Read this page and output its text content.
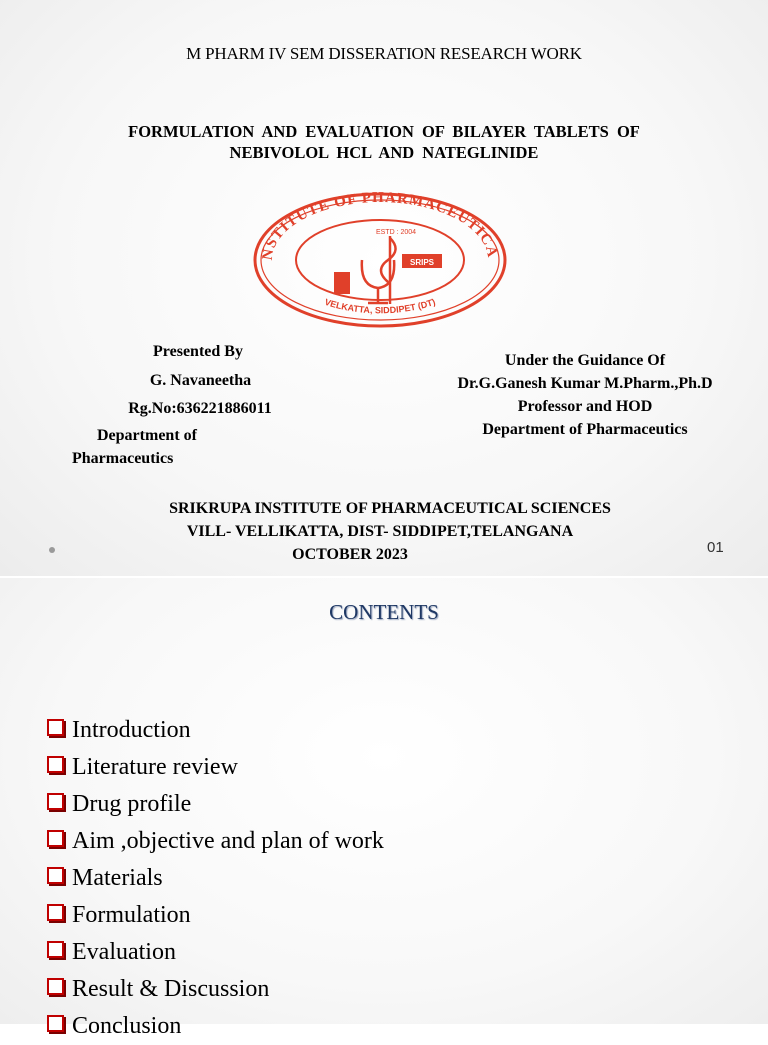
M PHARM IV SEM DISSERATION RESEARCH WORK
FORMULATION AND EVALUATION OF BILAYER TABLETS OF
NEBIVOLOL HCL AND NATEGLINIDE
NSTITUTE OF PHARMACEUTICA
VELKATTA, SIDDIPET (DT)
ESTD : 2004
SRIPS
Presented By
G. Navaneetha
Rg.No:636221886011
Department of
Pharmaceutics
Under the Guidance Of
Dr.G.Ganesh Kumar M.Pharm.,Ph.D
Professor and HOD
Department of Pharmaceutics
SRIKRUPA INSTITUTE OF PHARMACEUTICAL SCIENCES
VILL- VELLIKATTA, DIST- SIDDIPET,TELANGANA
OCTOBER 2023	01
CONTENTS
Introduction
Literature review
Drug profile
Aim ,objective and plan of work
Materials
Formulation
Evaluation
Result & Discussion
Conclusion
